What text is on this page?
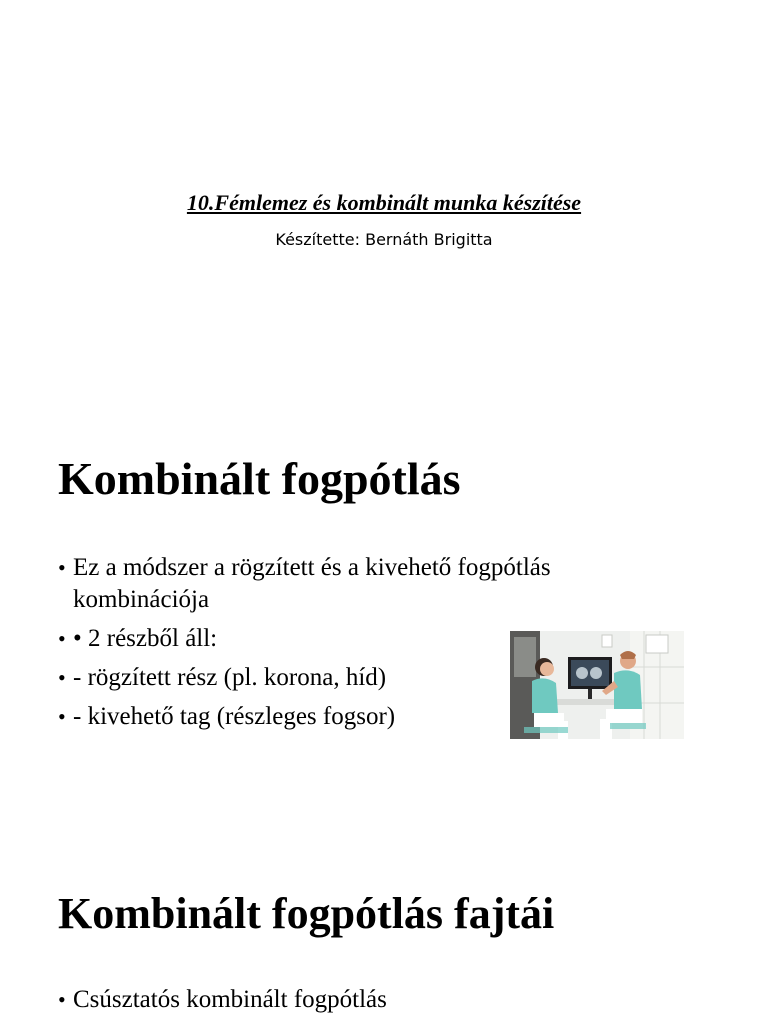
10.Fémlemez és kombinált munka készítése
Készítette: Bernáth Brigitta
Kombinált fogpótlás
• Ez a módszer a rögzített és a kivehető fogpótlás kombinációja
• • 2 részből áll:
• - rögzített rész (pl. korona, híd)
• - kivehető tag (részleges fogsor)
Kombinált fogpótlás fajtái
• Csúsztatós kombinált fogpótlás
